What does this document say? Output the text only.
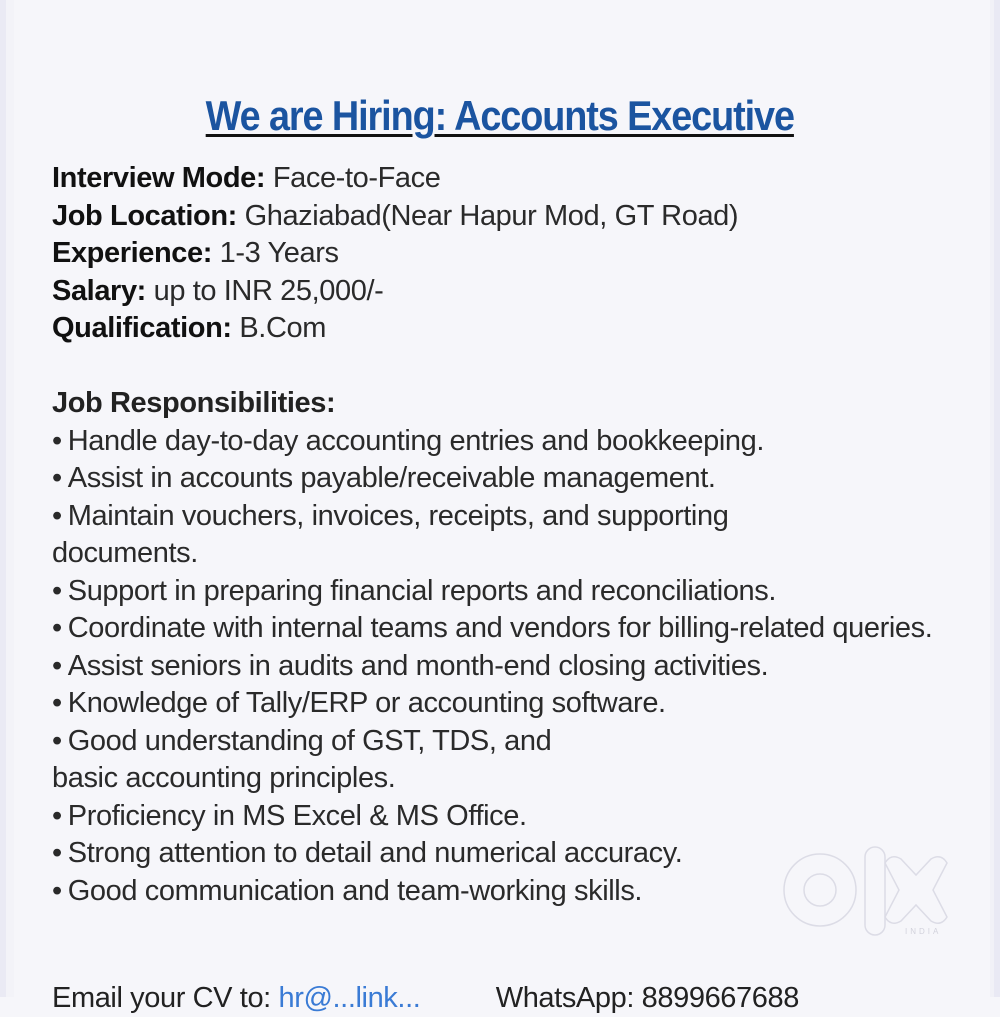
We are Hiring: Accounts Executive
Interview Mode: Face-to-Face
Job Location: Ghaziabad(Near Hapur Mod, GT Road)
Experience: 1-3 Years
Salary: up to INR 25,000/-
Qualification: B.Com
Job Responsibilities:
• Handle day-to-day accounting entries and bookkeeping.
• Assist in accounts payable/receivable management.
• Maintain vouchers, invoices, receipts, and supporting documents.
• Support in preparing financial reports and reconciliations.
• Coordinate with internal teams and vendors for billing-related queries.
• Assist seniors in audits and month-end closing activities.
• Knowledge of Tally/ERP or accounting software.
• Good understanding of GST, TDS, and basic accounting principles.
• Proficiency in MS Excel & MS Office.
• Strong attention to detail and numerical accuracy.
• Good communication and team-working skills.
Email your CV to: hr@...link...	WhatsApp: 8899667688
INDIA
